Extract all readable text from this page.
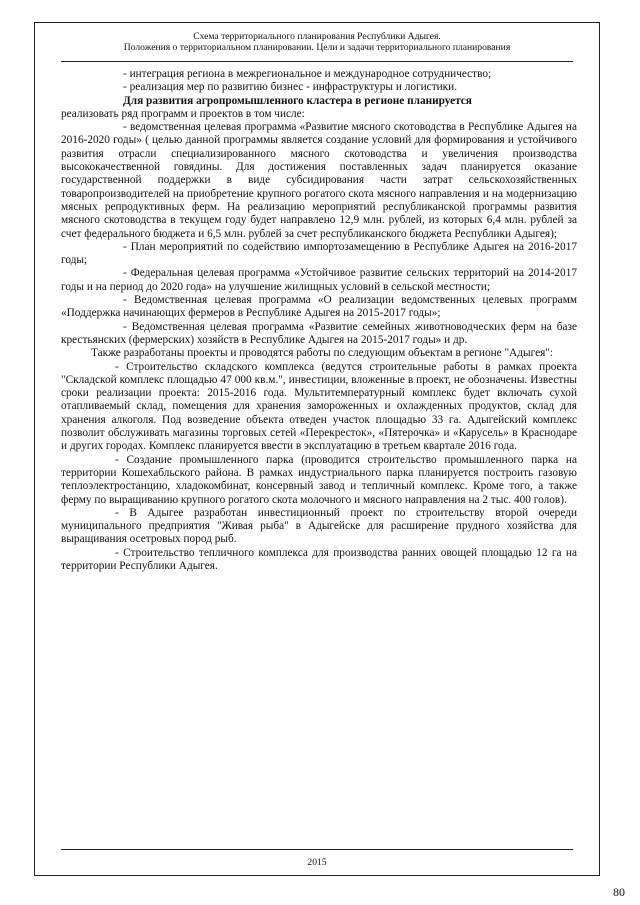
Схема территориального планирования Республики Адыгея.
Положения о территориальном планировании. Цели и задачи территориального планирования

- интеграция региона в межрегиональное и международное сотрудничество;

- реализация мер по развитию бизнес - инфраструктуры и логистики.

Для развития агропромышленного кластера в регионе планируется

реализовать ряд программ и проектов в том числе:

- ведомственная целевая программа «Развитие мясного скотоводства в Республике Адыгея на 2016-2020 годы» ( целью данной программы является создание условий для формирования и устойчивого развития отрасли специализированного мясного скотоводства и увеличения производства высококачественной говядины. Для достижения поставленных задач планируется оказание государственной поддержки в виде субсидирования части затрат сельскохозяйственных товаропроизводителей на приобретение крупного рогатого скота мясного направления и на модернизацию мясных репродуктивных ферм. На реализацию мероприятий республиканской программы развития мясного скотоводства в текущем году будет направлено 12,9 млн. рублей, из которых 6,4 млн. рублей за счет федерального бюджета и 6,5 млн. рублей за счет республиканского бюджета Республики Адыгея);

- План мероприятий по содействию импортозамещению в Республике Адыгея на 2016-2017 годы;

- Федеральная целевая программа «Устойчивое развитие сельских территорий на 2014-2017 годы и на период до 2020 года» на улучшение жилищных условий в сельской местности;

- Ведомственная целевая программа «О реализации ведомственных целевых программ «Поддержка начинающих фермеров в Республике Адыгея на 2015-2017 годы»;

- Ведомственная целевая программа «Развитие семейных животноводческих ферм на базе крестьянских (фермерских) хозяйств в Республике Адыгея на 2015-2017 годы» и др.

Также разработаны проекты и проводятся работы по следующим объектам в регионе "Адыгея":

- Строительство складского комплекса (ведутся строительные работы в рамках проекта "Складской комплекс площадью 47 000 кв.м.", инвестиции, вложенные в проект, не обозначены. Известны сроки реализации проекта: 2015-2016 года. Мультитемпературный комплекс будет включать сухой отапливаемый склад, помещения для хранения замороженных и охлажденных продуктов, склад для хранения алкоголя. Под возведение объекта отведен участок площадью 33 га. Адыгейский комплекс позволит обслуживать магазины торговых сетей «Перекресток», «Пятерочка» и «Карусель» в Краснодаре и других городах. Комплекс планируется ввести в эксплуатацию в третьем квартале 2016 года.

- Создание промышленного парка (проводится строительство промышленного парка на территории Кошехабльского района. В рамках индустриального парка планируется построить газовую теплоэлектростанцию, хладокомбинат, консервный завод и тепличный комплекс. Кроме того, а также ферму по выращиванию крупного рогатого скота молочного и мясного направления на 2 тыс. 400 голов).

- В Адыгее разработан инвестиционный проект по строительству второй очереди муниципального предприятия "Живая рыба" в Адыгейске для расширение прудного хозяйства для выращивания осетровых пород рыб.

- Строительство тепличного комплекса для производства ранних овощей площадью 12 га на территории Республики Адыгея.

2015
80
